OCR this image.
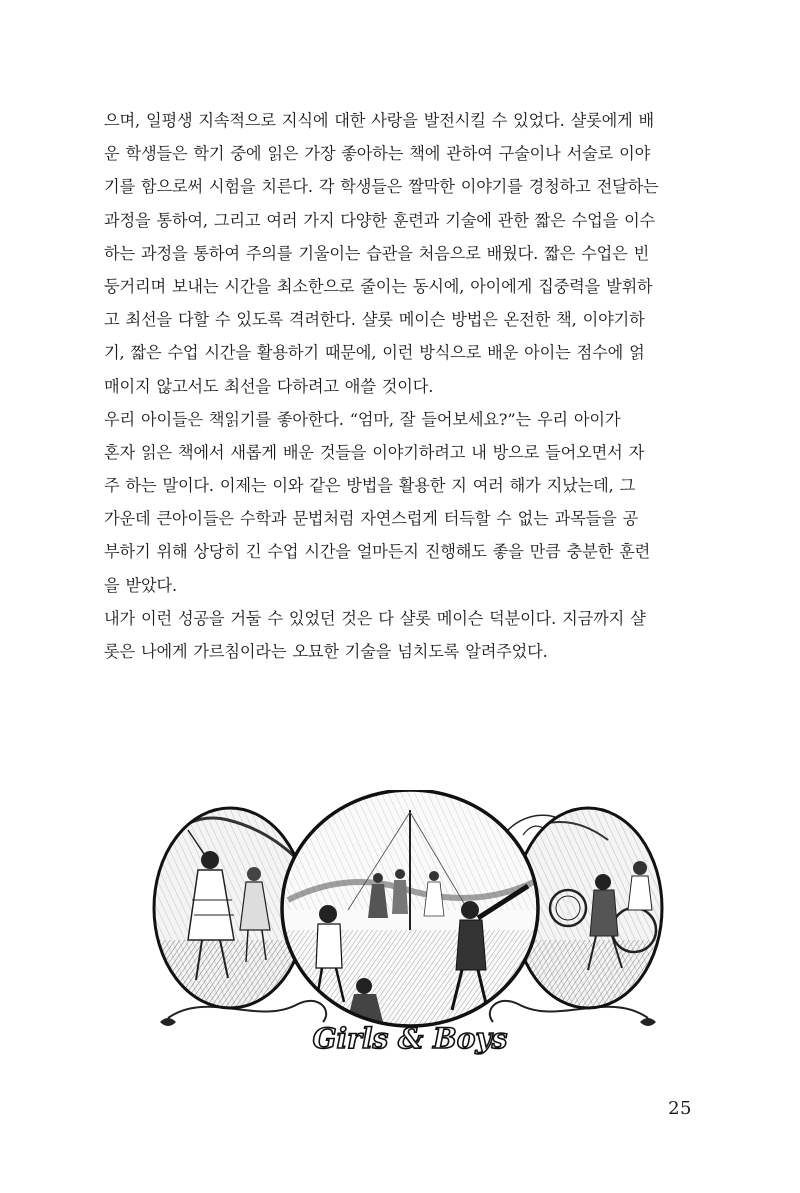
으며, 일평생 지속적으로 지식에 대한 사랑을 발전시킬 수 있었다. 샬롯에게 배
운 학생들은 학기 중에 읽은 가장 좋아하는 책에 관하여 구술이나 서술로 이야
기를 함으로써 시험을 치른다. 각 학생들은 짤막한 이야기를 경청하고 전달하는
과정을 통하여, 그리고 여러 가지 다양한 훈련과 기술에 관한 짧은 수업을 이수
하는 과정을 통하여 주의를 기울이는 습관을 처음으로 배웠다. 짧은 수업은 빈
둥거리며 보내는 시간을 최소한으로 줄이는 동시에, 아이에게 집중력을 발휘하
고 최선을 다할 수 있도록 격려한다. 샬롯 메이슨 방법은 온전한 책, 이야기하
기, 짧은 수업 시간을 활용하기 때문에, 이런 방식으로 배운 아이는 점수에 얽
매이지 않고서도 최선을 다하려고 애쓸 것이다.
우리 아이들은 책읽기를 좋아한다. “엄마, 잘 들어보세요?”는 우리 아이가
혼자 읽은 책에서 새롭게 배운 것들을 이야기하려고 내 방으로 들어오면서 자
주 하는 말이다. 이제는 이와 같은 방법을 활용한 지 여러 해가 지났는데, 그
가운데 큰아이들은 수학과 문법처럼 자연스럽게 터득할 수 없는 과목들을 공
부하기 위해 상당히 긴 수업 시간을 얼마든지 진행해도 좋을 만큼 충분한 훈련
을 받았다.
내가 이런 성공을 거둘 수 있었던 것은 다 샬롯 메이슨 덕분이다. 지금까지 샬
롯은 나에게 가르침이라는 오묘한 기술을 넘치도록 알려주었다.
Girls & Boys
25
